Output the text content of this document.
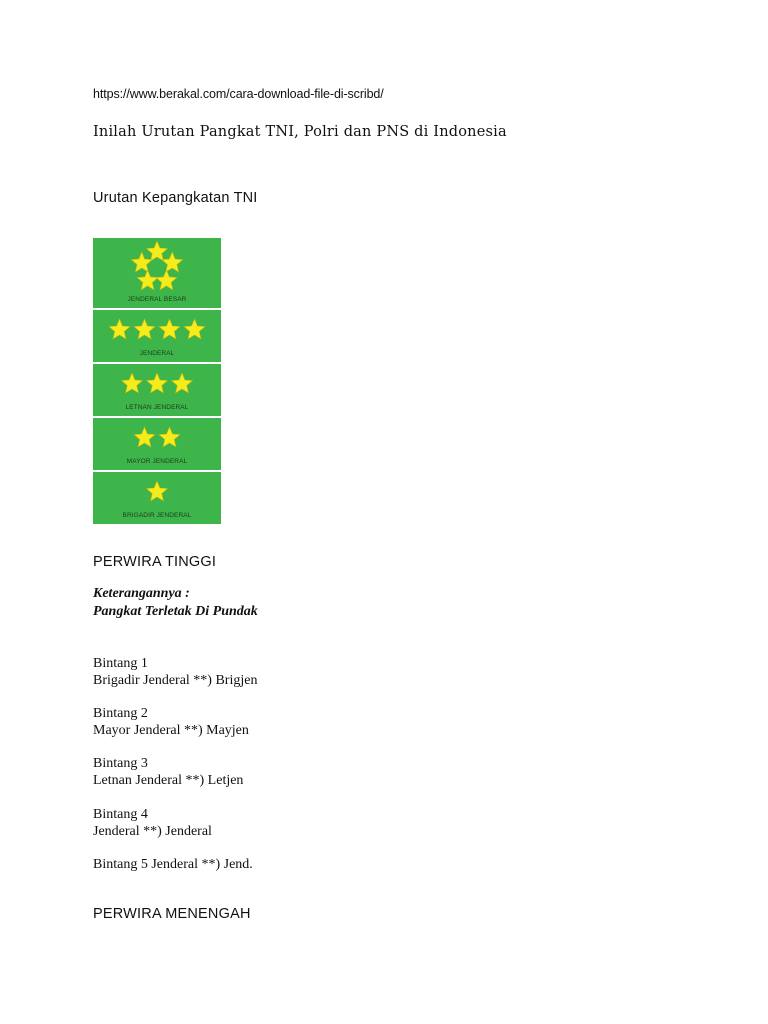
https://www.berakal.com/cara-download-file-di-scribd/
Inilah Urutan Pangkat TNI, Polri dan PNS di Indonesia
Urutan Kepangkatan TNI
JENDERAL BESAR
JENDERAL
LETNAN JENDERAL
MAYOR JENDERAL
BRIGADIR JENDERAL
PERWIRA TINGGI
Keterangannya :
Pangkat Terletak Di Pundak
Bintang 1
Brigadir Jenderal **) Brigjen
Bintang 2
Mayor Jenderal **) Mayjen
Bintang 3
Letnan Jenderal **) Letjen
Bintang 4
Jenderal **) Jenderal
Bintang 5 Jenderal **) Jend.
PERWIRA MENENGAH
